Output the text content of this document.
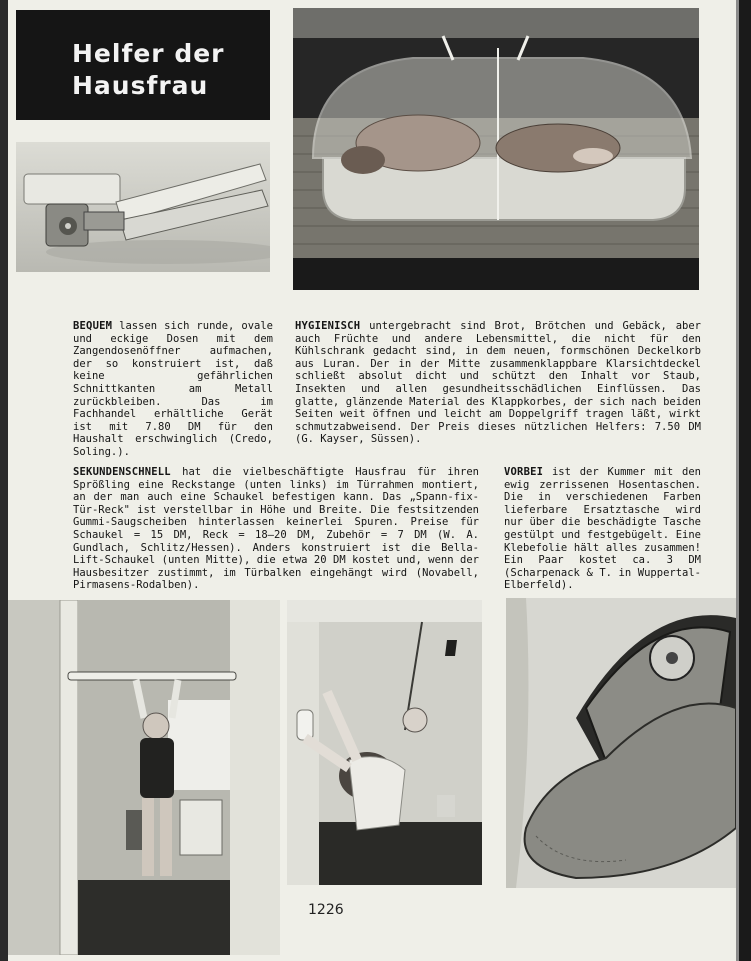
Helfer der
Hausfrau

BEQUEM lassen sich runde, ovale und eckige Dosen mit dem Zangendosenöffner aufmachen, der so konstruiert ist, daß keine gefährlichen Schnittkanten am Metall zurückbleiben. Das im Fachhandel erhältliche Gerät ist mit 7.80 DM für den Haushalt erschwinglich (Credo, Soling.).

HYGIENISCH untergebracht sind Brot, Brötchen und Gebäck, aber auch Früchte und andere Lebensmittel, die nicht für den Kühlschrank gedacht sind, in dem neuen, formschönen Deckelkorb aus Luran. Der in der Mitte zusammenklappbare Klarsichtdeckel schließt absolut dicht und schützt den Inhalt vor Staub, Insekten und allen gesundheitsschädlichen Einflüssen. Das glatte, glänzende Material des Klappkorbes, der sich nach beiden Seiten weit öffnen und leicht am Doppelgriff tragen läßt, wirkt schmutzabweisend. Der Preis dieses nützlichen Helfers: 7.50 DM (G. Kayser, Süssen).

SEKUNDENSCHNELL hat die vielbeschäftigte Hausfrau für ihren Sprößling eine Reckstange (unten links) im Türrahmen montiert, an der man auch eine Schaukel befestigen kann. Das „Spann-fix-Tür-Reck" ist verstellbar in Höhe und Breite. Die festsitzenden Gummi-Saugscheiben hinterlassen keinerlei Spuren. Preise für Schaukel = 15 DM, Reck = 18—20 DM, Zubehör = 7 DM (W. A. Gundlach, Schlitz/Hessen). Anders konstruiert ist die Bella-Lift-Schaukel (unten Mitte), die etwa 20 DM kostet und, wenn der Hausbesitzer zustimmt, im Türbalken eingehängt wird (Novabell, Pirmasens-Rodalben).

VORBEI ist der Kummer mit den ewig zerrissenen Hosentaschen. Die in verschiedenen Farben lieferbare Ersatztasche wird nur über die beschädigte Tasche gestülpt und festgebügelt. Eine Klebefolie hält alles zusammen! Ein Paar kostet ca. 3 DM (Scharpenack & T. in Wuppertal-Elberfeld).

1226
